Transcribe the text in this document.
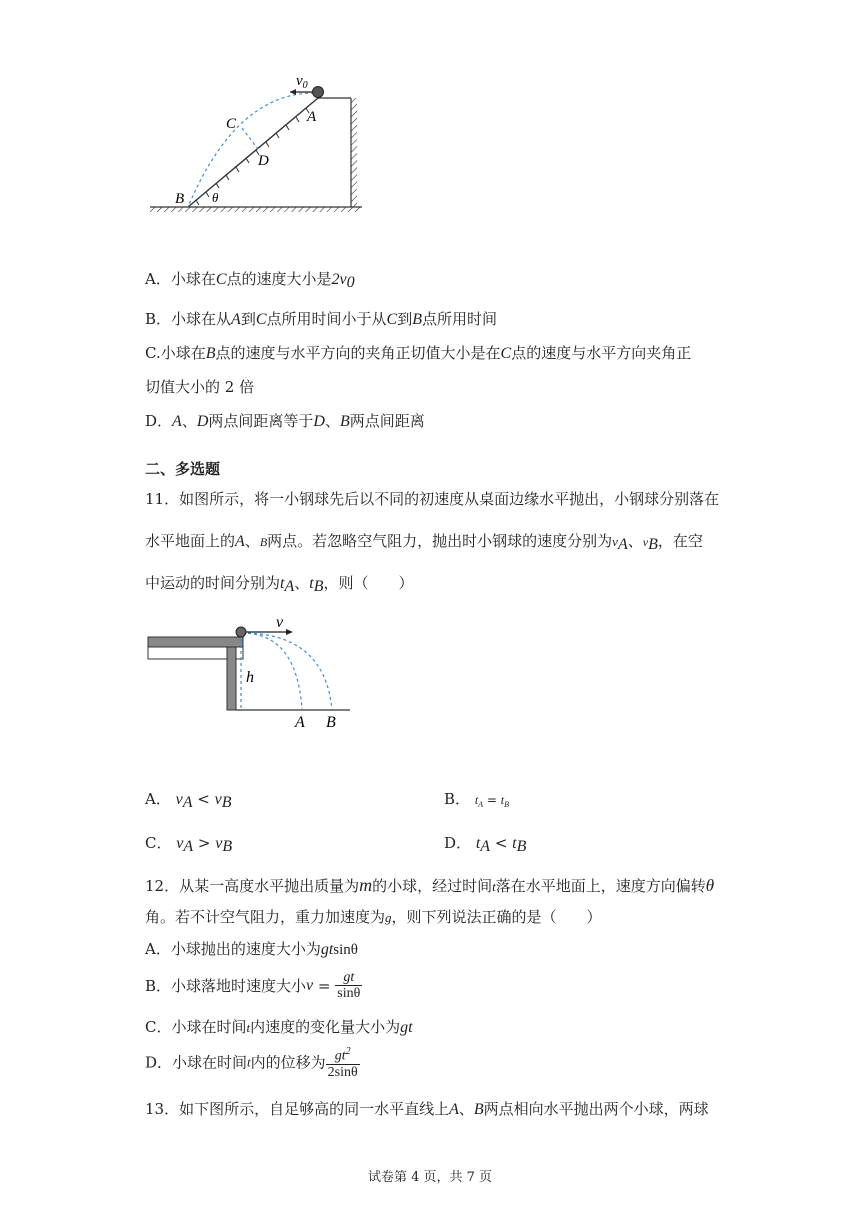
$v_0$
A
C
D
B θ
A．小球在C点的速度大小是$2v_0$
B．小球在从A到C点所用时间小于从C到B点所用时间
C.小球在B点的速度与水平方向的夹角正切值大小是在C点的速度与水平方向夹角正
切值大小的 2 倍
D．A、D两点间距离等于D、B两点间距离
二、多选题
11．如图所示，将一小钢球先后以不同的初速度从桌面边缘水平抛出，小钢球分别落在
水平地面上的A、B两点。若忽略空气阻力，抛出时小钢球的速度分别为$v_A$、$v_B$，在空
中运动的时间分别为$t_A$、$t_B$，则（　　）
v
h
A B
A． $v_A < v_B$	B． $t_A = t_B$
C． $v_A > v_B$	D． $t_A < t_B$
12．从某一高度水平抛出质量为m的小球，经过时间t落在水平地面上，速度方向偏转θ
角。若不计空气阻力，重力加速度为g，则下列说法正确的是（　　）
A．小球抛出的速度大小为gtsinθ
B．小球落地时速度大小$v = \frac{gt}{\sin\theta}$
C．小球在时间t内速度的变化量大小为gt
D．小球在时间t内的位移为 $\frac{gt^2}{2\sin\theta}$
13．如下图所示，自足够高的同一水平直线上A、B两点相向水平抛出两个小球，两球
试卷第 4 页，共 7 页
